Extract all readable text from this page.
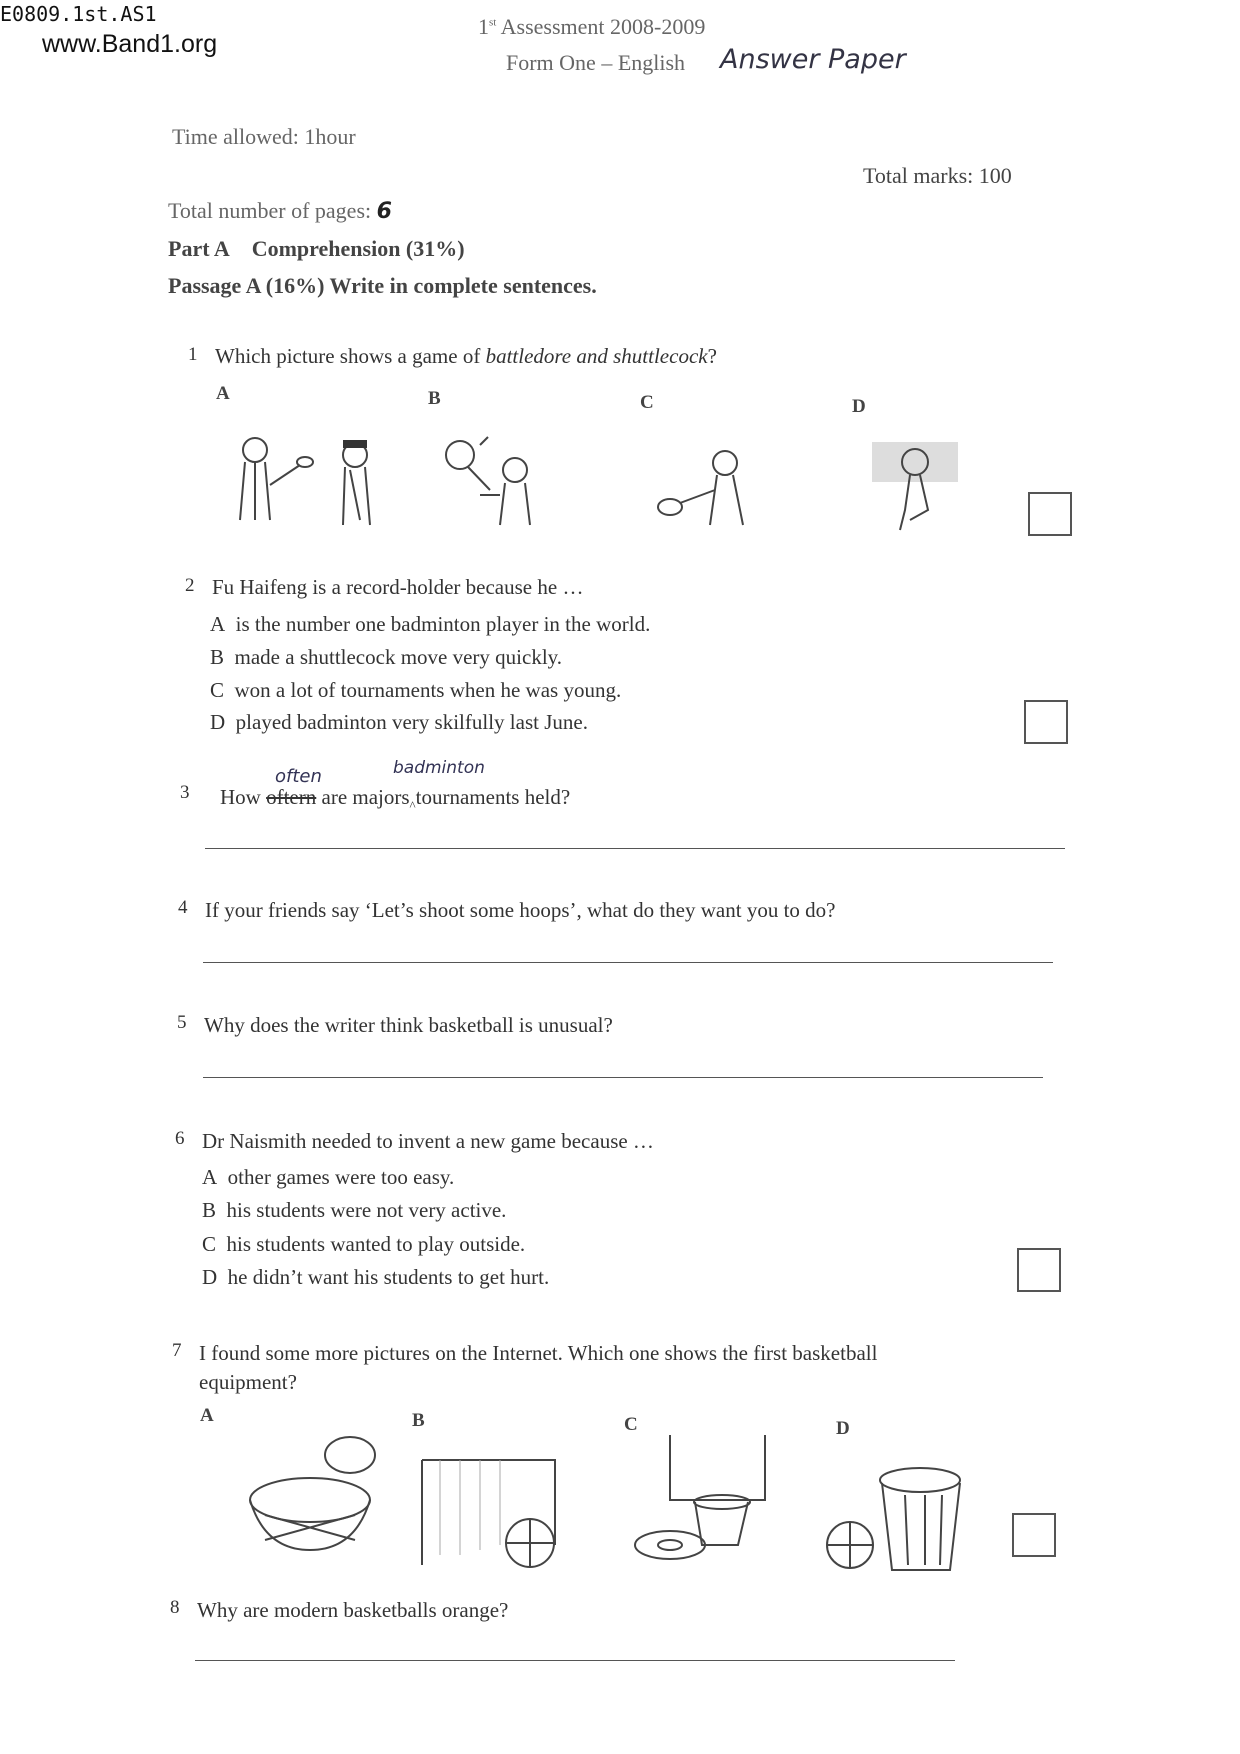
E0809.1st.AS1
www.Band1.org
1st Assessment 2008-2009
Form One – English Answer Paper
Time allowed: 1hour
Total marks: 100
Total number of pages: 6
Part A Comprehension (31%)
Passage A (16%) Write in complete sentences.
1 Which picture shows a game of battledore and shuttlecock?
A	B	C	D
2 Fu Haifeng is a record-holder because he …
A is the number one badminton player in the world.
B made a shuttlecock move very quickly.
C won a lot of tournaments when he was young.
D played badminton very skilfully last June.
often	badminton
3 How oftern are majors$_{\^{}}$tournaments held?
4 If your friends say ‘Let’s shoot some hoops’, what do they want you to do?
5 Why does the writer think basketball is unusual?
6 Dr Naismith needed to invent a new game because …
A other games were too easy.
B his students were not very active.
C his students wanted to play outside.
D he didn’t want his students to get hurt.
7 I found some more pictures on the Internet. Which one shows the first basketball
equipment?
A	B	C	D
8 Why are modern basketballs orange?
